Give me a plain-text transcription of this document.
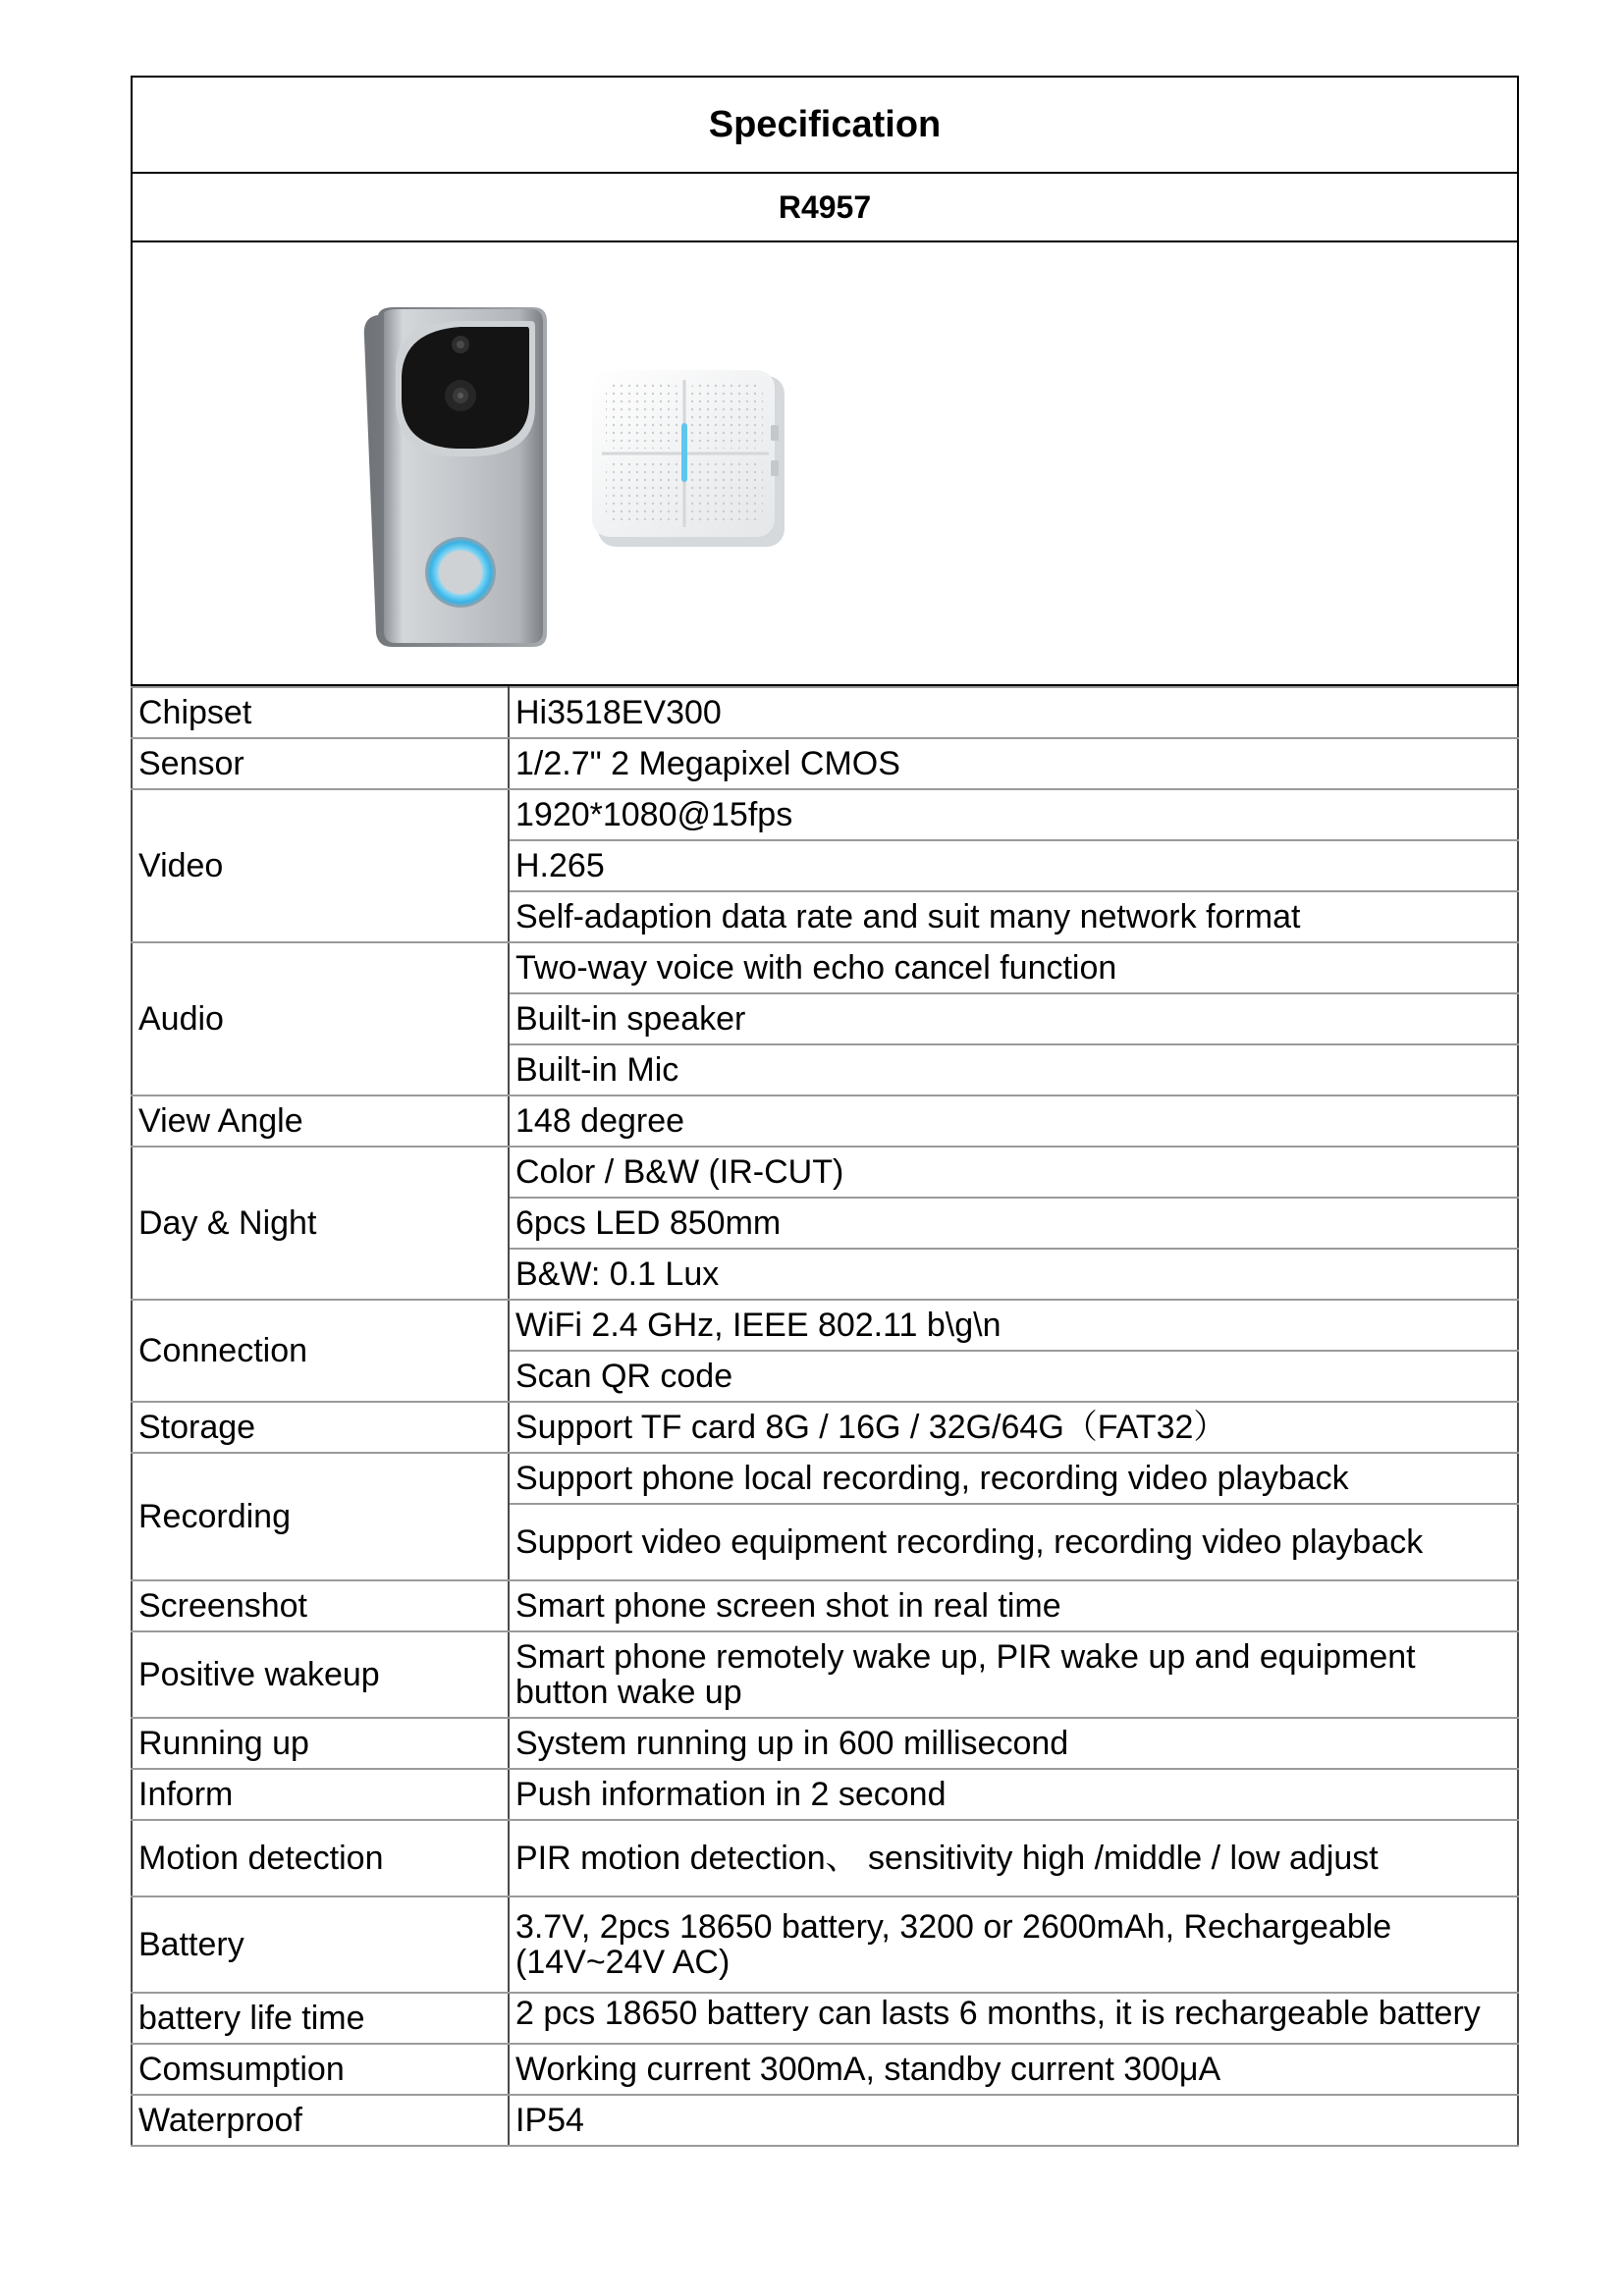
Specification
R4957

Chipset	Hi3518EV300
Sensor	1/2.7" 2 Megapixel CMOS
Video	1920*1080@15fps
	H.265
	Self-adaption data rate and suit many network format
Audio	Two-way voice with echo cancel function
	Built-in speaker
	Built-in Mic
View Angle	148 degree
Day & Night	Color / B&W (IR-CUT)
	6pcs LED 850mm
	B&W: 0.1 Lux
Connection	WiFi 2.4 GHz, IEEE 802.11 b\g\n
	Scan QR code
Storage	Support TF card 8G / 16G / 32G/64G（FAT32）
Recording	Support phone local recording, recording video playback
	Support video equipment recording, recording video playback
Screenshot	Smart phone screen shot in real time
Positive wakeup	Smart phone remotely wake up, PIR wake up and equipment button wake up
Running up	System running up in 600 millisecond
Inform	Push information in 2 second
Motion detection	PIR motion detection、 sensitivity high /middle / low adjust
Battery	3.7V, 2pcs 18650 battery, 3200 or 2600mAh, Rechargeable (14V~24V AC)
battery life time	2 pcs 18650 battery can lasts 6 months, it is rechargeable battery

Comsumption	Working current 300mA, standby current 300μA
Waterproof	IP54
